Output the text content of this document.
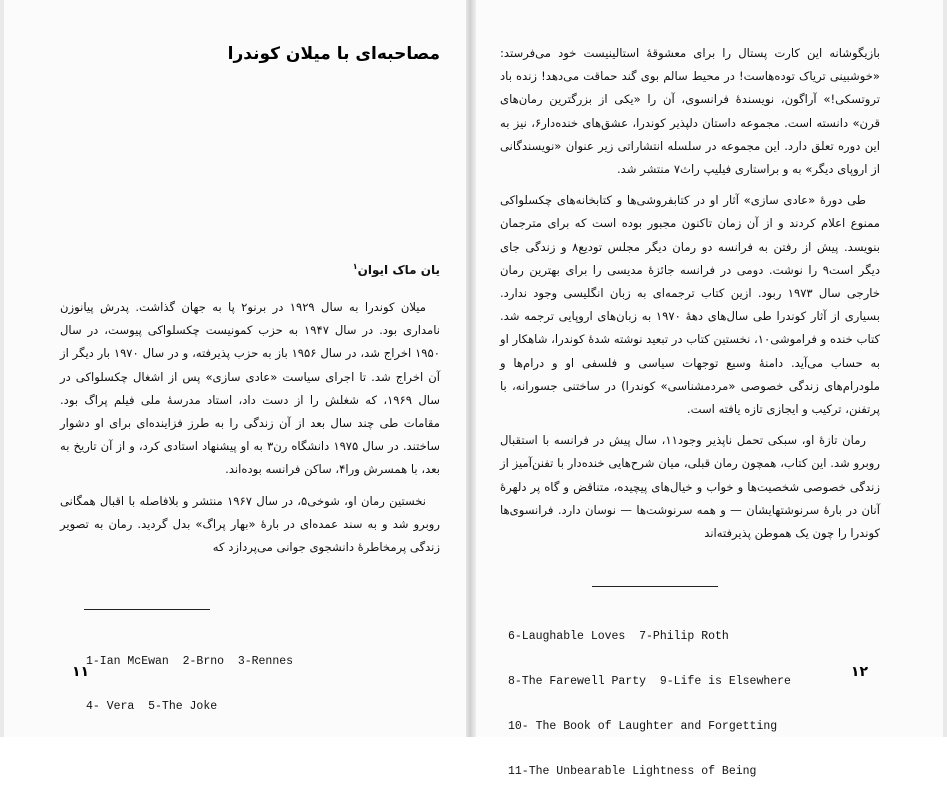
مصاحبه‌ای با میلان کوندرا
یان ماک ایوان$^۱$

میلان کوندرا به سال ۱۹۲۹ در برنو۲ پا به جهان گذاشت. پدرش پیانوزن نامداری بود. در سال ۱۹۴۷ به حزب کمونیست چکسلواکی پیوست، در سال ۱۹۵۰ اخراج شد، در سال ۱۹۵۶ باز به حزب پذیرفته، و در سال ۱۹۷۰ بار دیگر از آن اخراج شد. تا اجرای سیاست «عادی سازی» پس از اشغال چکسلواکی در سال ۱۹۶۹، که شغلش را از دست داد، استاد مدرسهٔ ملی فیلم پراگ بود. مقامات طی چند سال بعد از آن زندگی را به طرز فزاینده‌ای برای او دشوار ساختند. در سال ۱۹۷۵ دانشگاه رن۳ به او پیشنهاد استادی کرد، و از آن تاریخ به بعد، با همسرش ورا۴، ساکن فرانسه بوده‌اند.

نخستین رمان او، شوخی۵، در سال ۱۹۶۷ منتشر و بلافاصله با اقبال همگانی روبرو شد و به سند عمده‌ای در بارهٔ «بهار پراگ» بدل گردید. رمان به تصویر زندگی پرمخاطرهٔ دانشجوی جوانی می‌پردازد که

1-Ian McEwan  2-Brno  3-Rennes

4- Vera  5-The Joke

۱۱

بازیگوشانه این کارت پستال را برای معشوقهٔ استالینیست خود می‌فرستد: «خوشبینی تریاک توده‌هاست! در محیط سالم بوی گند حماقت می‌دهد! زنده باد تروتسکی!» آراگون، نویسندهٔ فرانسوی، آن را «یکی از بزرگترین رمان‌های قرن» دانسته است. مجموعه داستان دلپذیر کوندرا، عشق‌های خنده‌دار۶، نیز به این دوره تعلق دارد. این مجموعه در سلسله انتشاراتی زیر عنوان «نویسندگانی از اروپای دیگر» به و براستاری فیلیپ راث۷ منتشر شد.

طی دورهٔ «عادی سازی» آثار او در کتابفروشی‌ها و کتابخانه‌های چکسلواکی ممنوع اعلام کردند و از آن زمان تاکنون مجبور بوده است که برای مترجمان بنویسد. پیش از رفتن به فرانسه دو رمان دیگر مجلس تودیع۸ و زندگی جای دیگر است۹ را نوشت. دومی در فرانسه جائزهٔ مدیسی را برای بهترین رمان خارجی سال ۱۹۷۳ ربود. ازین کتاب ترجمه‌ای به زبان انگلیسی وجود ندارد. بسیاری از آثار کوندرا طی سال‌های دههٔ ۱۹۷۰ به زبان‌های اروپایی ترجمه شد. کتاب خنده و فراموشی۱۰، نخستین کتاب در تبعید نوشته شدهٔ کوندرا، شاهکار او به حساب می‌آید. دامنهٔ وسیع توجهات سیاسی و فلسفی او و درام‌ها و ملودرام‌های زندگی خصوصی «مردمشناسی» کوندرا) در ساختنی جسورانه، با پرتفنن، ترکیب و ایجازی تازه یافته است.

رمان تازهٔ او، سبکی تحمل ناپذیر وجود۱۱، سال پیش در فرانسه با استقبال روبرو شد. این کتاب، همچون رمان قبلی، میان شرح‌هایی خنده‌دار با تفنن‌آمیز از زندگی خصوصی شخصیت‌ها و خواب و خیال‌های پیچیده، متناقض و گاه پر دلهرهٔ آنان در بارهٔ سرنوشتهایشان — و همه سرنوشت‌ها — نوسان دارد. فرانسوی‌ها کوندرا را چون یک هموطن پذیرفته‌اند

6-Laughable Loves  7-Philip Roth

8-The Farewell Party  9-Life is Elsewhere

10- The Book of Laughter and Forgetting

11-The Unbearable Lightness of Being

۱۲
